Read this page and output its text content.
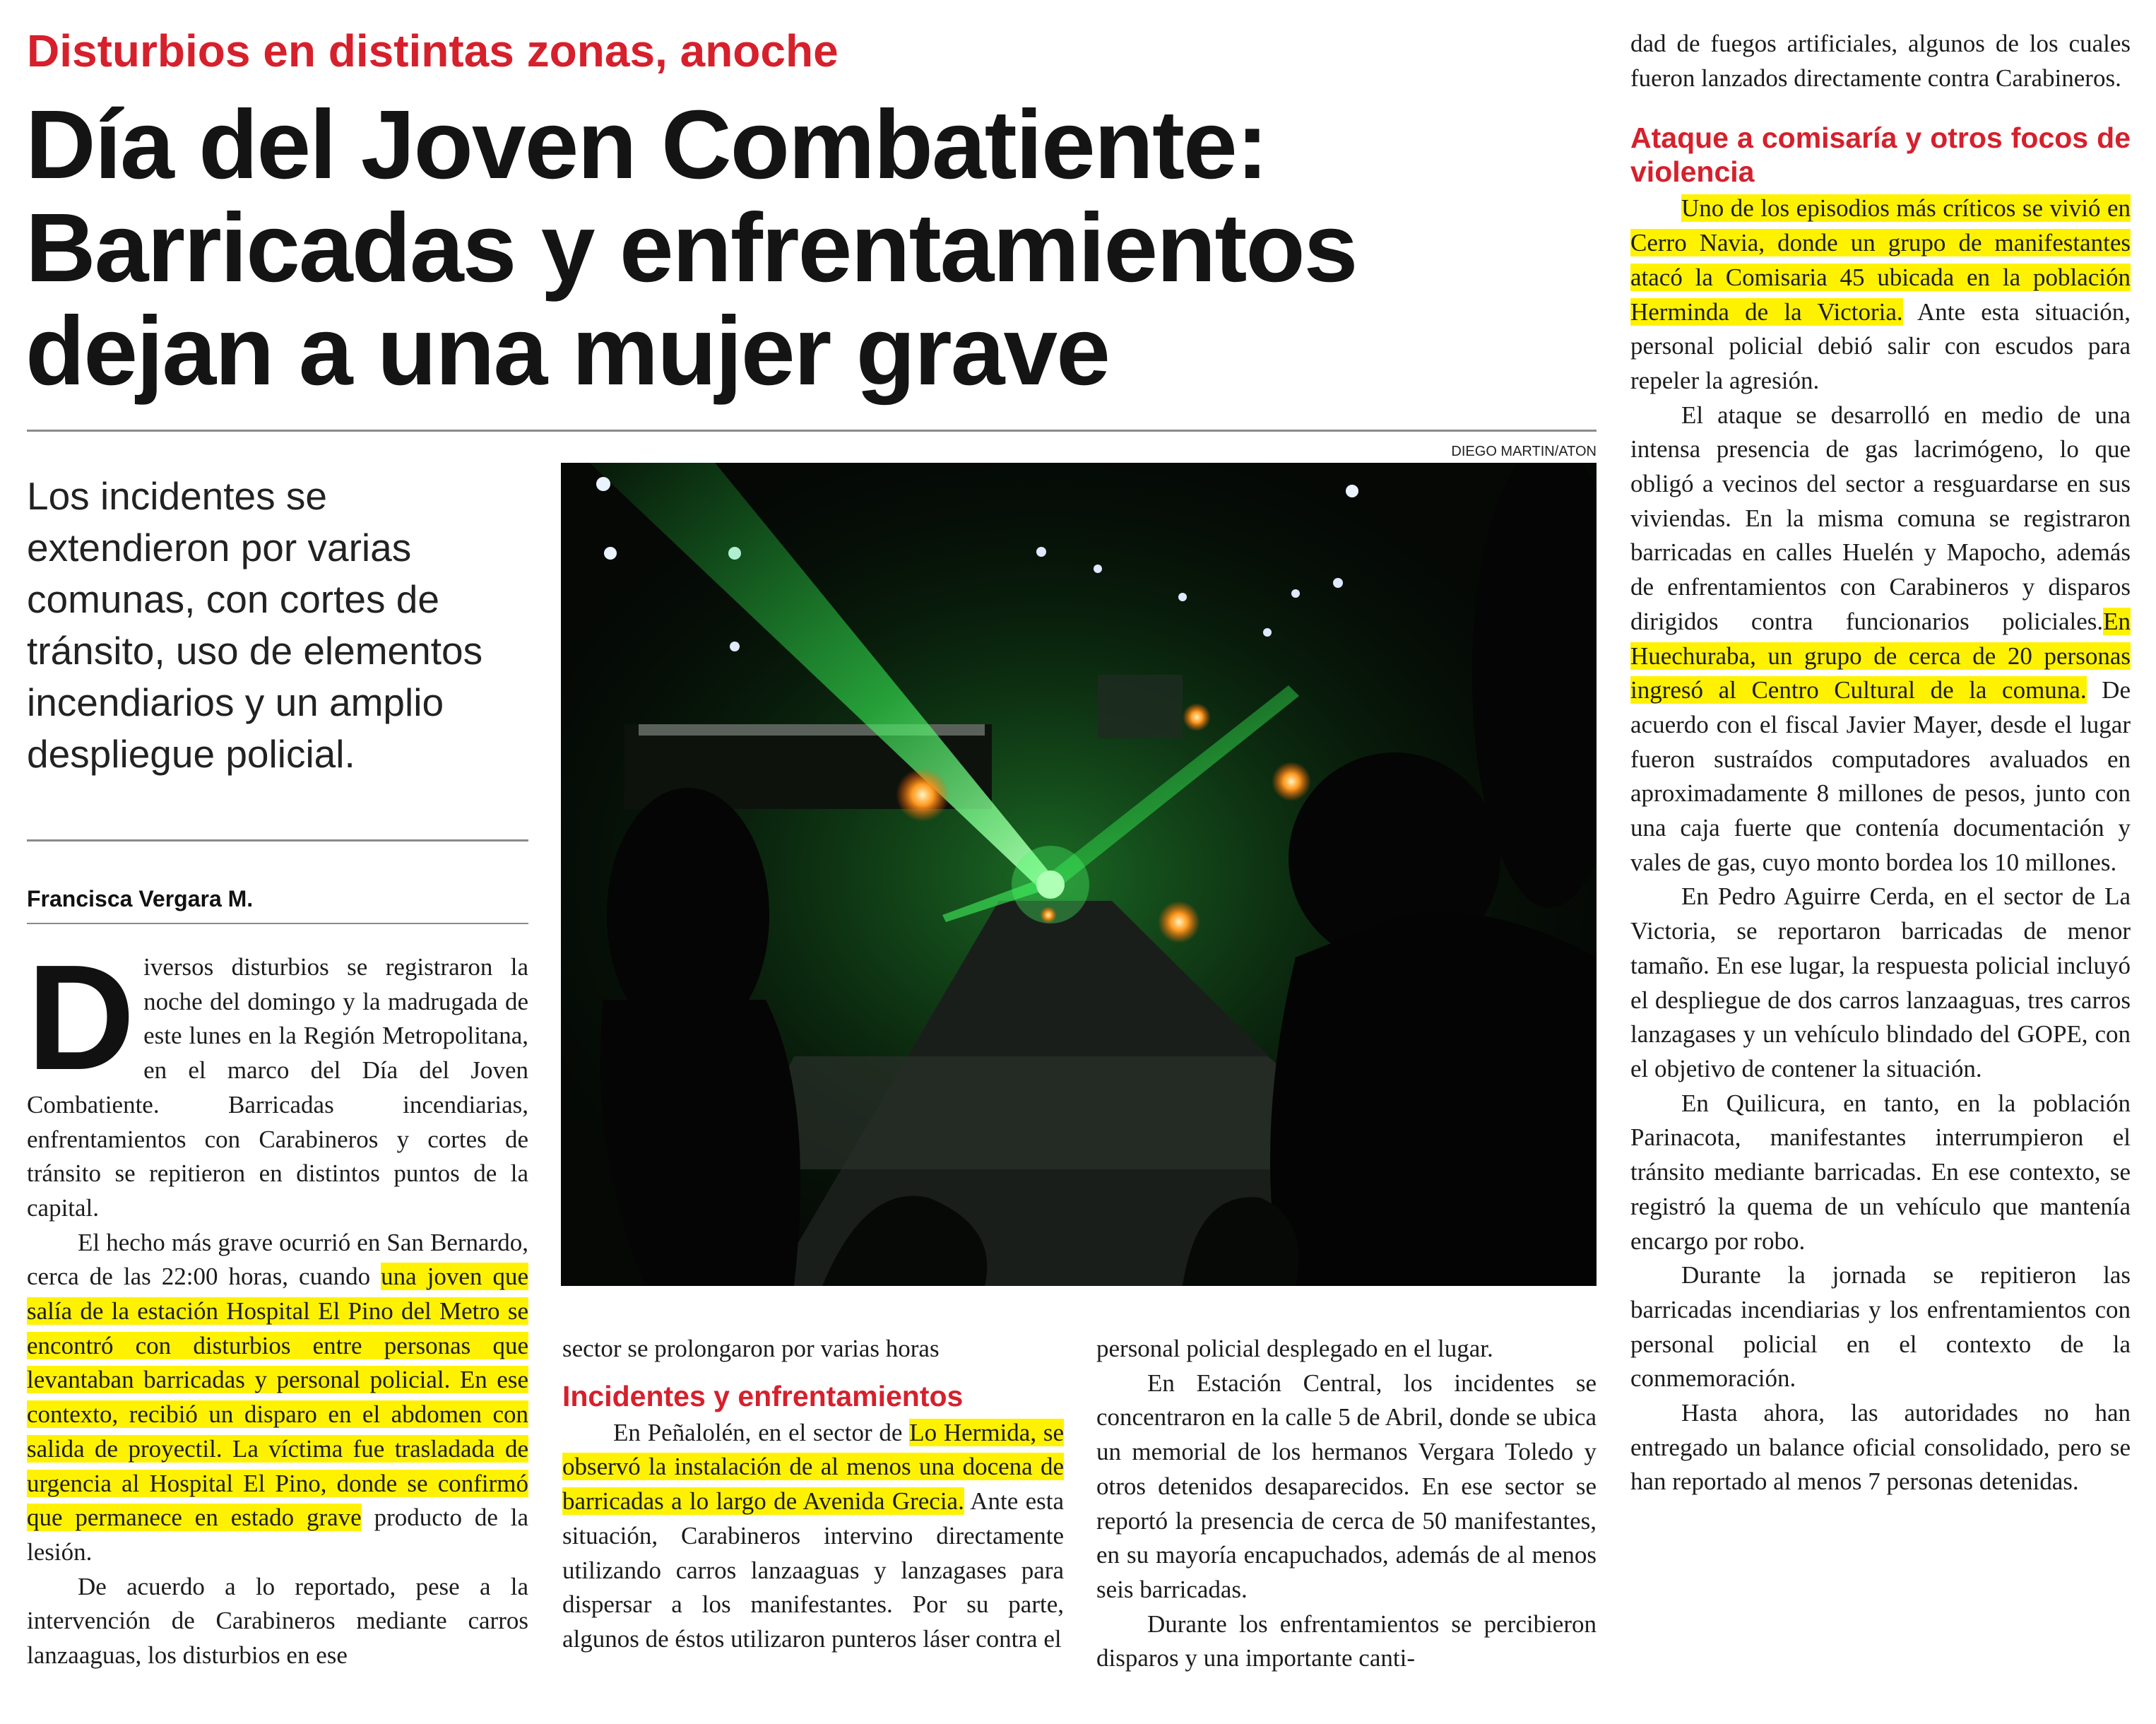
Disturbios en distintas zonas, anoche
Día del Joven Combatiente:
Barricadas y enfrentamientos
dejan a una mujer grave
DIEGO MARTIN/ATON
Los incidentes se extendieron por varias comunas, con cortes de tránsito, uso de elementos incendiarios y un amplio despliegue policial.
Francisca Vergara M.

Diversos disturbios se registraron la noche del domingo y la madrugada de este lunes en la Región Metropolitana, en el marco del Día del Joven Combatiente. Barricadas incendiarias, enfrentamientos con Carabineros y cortes de tránsito se repitieron en distintos puntos de la capital.

El hecho más grave ocurrió en San Bernardo, cerca de las 22:00 horas, cuando una joven que salía de la estación Hospital El Pino del Metro se encontró con disturbios entre personas que levantaban barricadas y personal policial. En ese contexto, recibió un disparo en el abdomen con salida de proyectil. La víctima fue trasladada de urgencia al Hospital El Pino, donde se confirmó que permanece en estado grave producto de la lesión.

De acuerdo a lo reportado, pese a la intervención de Carabineros mediante carros lanzaaguas, los disturbios en ese

sector se prolongaron por varias horas

Incidentes y enfrentamientos

En Peñalolén, en el sector de Lo Hermida, se observó la instalación de al menos una docena de barricadas a lo largo de Avenida Grecia. Ante esta situación, Carabineros intervino directamente utilizando carros lanzaaguas y lanzagases para dispersar a los manifestantes. Por su parte, algunos de éstos utilizaron punteros láser contra el

personal policial desplegado en el lugar.

En Estación Central, los incidentes se concentraron en la calle 5 de Abril, donde se ubica un memorial de los hermanos Vergara Toledo y otros detenidos desaparecidos. En ese sector se reportó la presencia de cerca de 50 manifestantes, en su mayoría encapuchados, además de al menos seis barricadas.

Durante los enfrentamientos se percibieron disparos y una importante canti-

dad de fuegos artificiales, algunos de los cuales fueron lanzados directamente contra Carabineros.

Ataque a comisaría y otros focos de violencia

Uno de los episodios más críticos se vivió en Cerro Navia, donde un grupo de manifestantes atacó la Comisaria 45 ubicada en la población Herminda de la Victoria. Ante esta situación, personal policial debió salir con escudos para repeler la agresión.

El ataque se desarrolló en medio de una intensa presencia de gas lacrimógeno, lo que obligó a vecinos del sector a resguardarse en sus viviendas. En la misma comuna se registraron barricadas en calles Huelén y Mapocho, además de enfrentamientos con Carabineros y disparos dirigidos contra funcionarios policiales.En Huechuraba, un grupo de cerca de 20 personas ingresó al Centro Cultural de la comuna. De acuerdo con el fiscal Javier Mayer, desde el lugar fueron sustraídos computadores avaluados en aproximadamente 8 millones de pesos, junto con una caja fuerte que contenía documentación y vales de gas, cuyo monto bordea los 10 millones.

En Pedro Aguirre Cerda, en el sector de La Victoria, se reportaron barricadas de menor tamaño. En ese lugar, la respuesta policial incluyó el despliegue de dos carros lanzaaguas, tres carros lanzagases y un vehículo blindado del GOPE, con el objetivo de contener la situación.

En Quilicura, en tanto, en la población Parinacota, manifestantes interrumpieron el tránsito mediante barricadas. En ese contexto, se registró la quema de un vehículo que mantenía encargo por robo.

Durante la jornada se repitieron las barricadas incendiarias y los enfrentamientos con personal policial en el contexto de la conmemoración.

Hasta ahora, las autoridades no han entregado un balance oficial consolidado, pero se han reportado al menos 7 personas detenidas.
